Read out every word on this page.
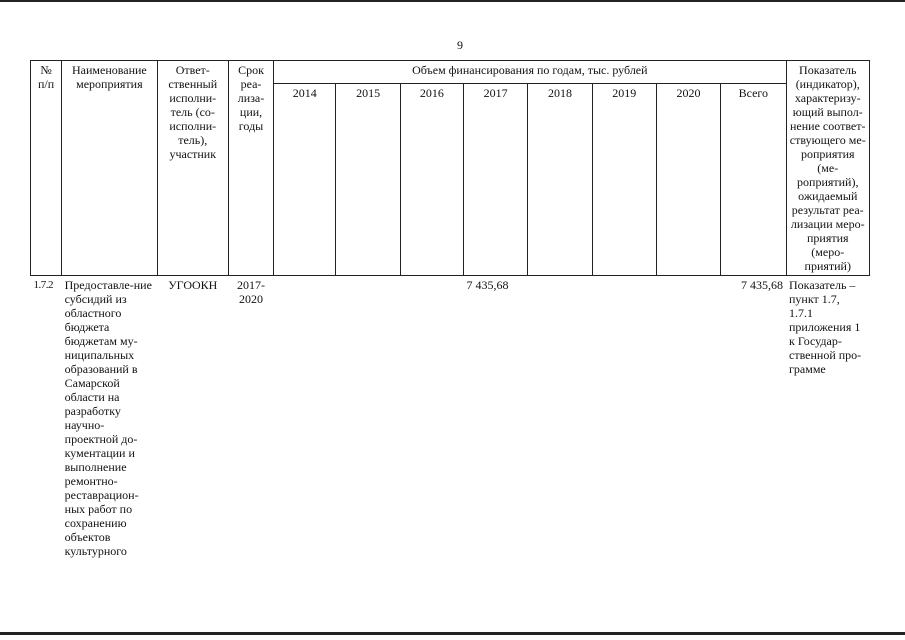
9
№ п/п	Наименование мероприятия	Ответ-ственный исполни-тель (со-исполни-тель), участник	Срок реа-лиза-ции, годы	Объем финансирования по годам, тыс. рублей								Показатель (индикатор), характеризу-ющий выпол-нение соответ-ствующего ме-роприятия (ме-роприятий), ожидаемый результат реа-лизации меро-приятия (меро-приятий)
				2014	2015	2016	2017	2018	2019	2020	Всего	
1.7.2	Предоставле-ние субсидий из областного бюджета бюджетам му-ниципальных образований в Самарской области на разработку научно-проектной до-кументации и выполнение ремонтно-реставрацион-ных работ по сохранению объектов культурного	УГООКН	2017-2020				7 435,68				7 435,68	Показатель – пункт 1.7, 1.7.1 приложения 1 к Государ-ственной про-грамме
